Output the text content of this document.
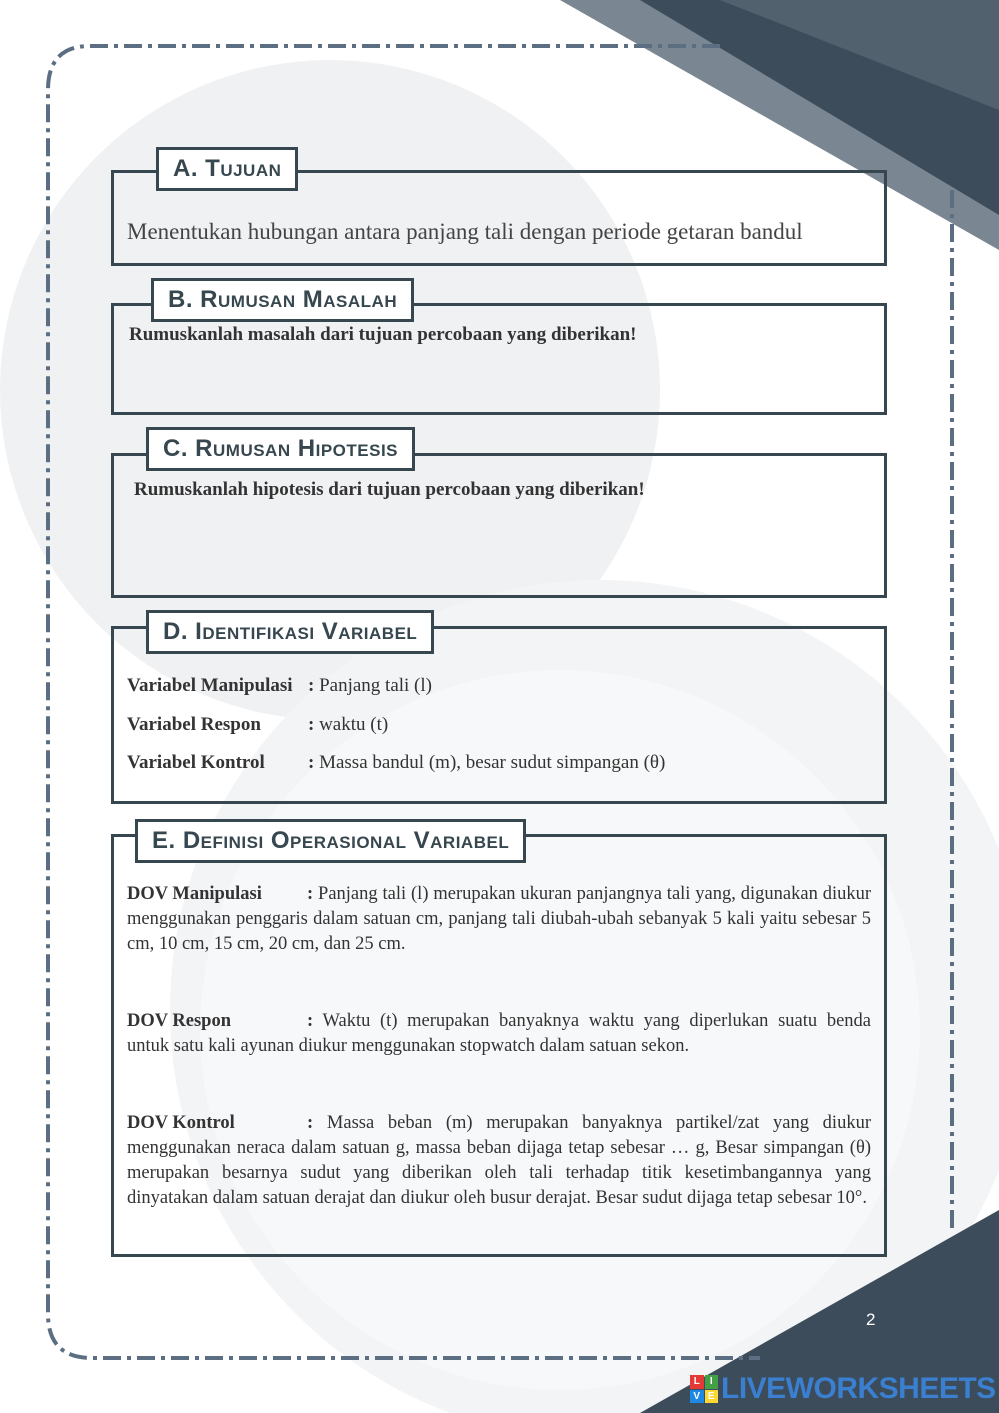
A. Tujuan
Menentukan hubungan antara panjang tali dengan periode getaran bandul
B. Rumusan Masalah
Rumuskanlah masalah dari tujuan percobaan yang diberikan!
C. Rumusan Hipotesis
Rumuskanlah hipotesis dari tujuan percobaan yang diberikan!
D. Identifikasi Variabel
Variabel Manipulasi : Panjang tali (l)
Variabel Respon : waktu (t)
Variabel Kontrol : Massa bandul (m), besar sudut simpangan (θ)
E. Definisi Operasional Variabel
DOV Manipulasi : Panjang tali (l) merupakan ukuran panjangnya tali yang, digunakan diukur menggunakan penggaris dalam satuan cm, panjang tali diubah-ubah sebanyak 5 kali yaitu sebesar 5 cm, 10 cm, 15 cm, 20 cm, dan 25 cm.
DOV Respon	: Waktu (t) merupakan banyaknya waktu yang diperlukan suatu benda untuk satu kali ayunan diukur menggunakan stopwatch dalam satuan sekon.
DOV Kontrol	: Massa beban (m) merupakan banyaknya partikel/zat yang diukur menggunakan neraca dalam satuan g, massa beban dijaga tetap sebesar … g, Besar simpangan (θ) merupakan besarnya sudut yang diberikan oleh tali terhadap titik kesetimbangannya yang dinyatakan dalam satuan derajat dan diukur oleh busur derajat. Besar sudut dijaga tetap sebesar 10°.
2
L	I
V E LIVEWORKSHEETS
